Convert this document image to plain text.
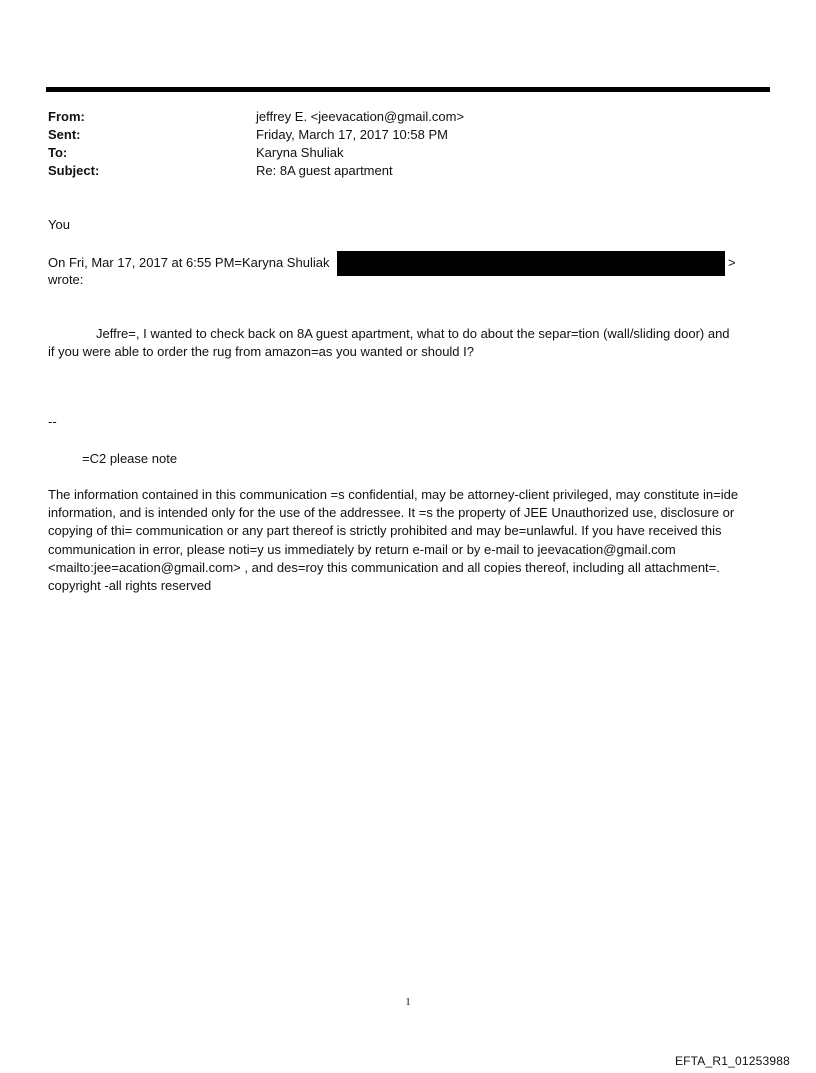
From:	jeffrey E. <jeevacation@gmail.com>
Sent:	Friday, March 17, 2017 10:58 PM
To:	Karyna Shuliak
Subject:	Re: 8A guest apartment
You
On Fri, Mar 17, 2017 at 6:55 PM=Karyna Shuliak	>
wrote:
Jeffre=, I wanted to check back on 8A guest apartment, what to do about the separ=tion (wall/sliding door) and
if you were able to order the rug from amazon=as you wanted or should I?
--
=C2 please note
The information contained in this communication =s confidential, may be attorney-client privileged, may constitute in=ide information, and is intended only for the use of the addressee. It =s the property of JEE Unauthorized use, disclosure or copying of thi= communication or any part thereof is strictly prohibited and may be=unlawful. If you have received this communication in error, please noti=y us immediately by return e-mail or by e-mail to jeevacation@gmail.com <mailto:jee=acation@gmail.com> , and des=roy this communication and all copies thereof, including all attachment=. copyright -all rights reserved
1
EFTA_R1_01253988
